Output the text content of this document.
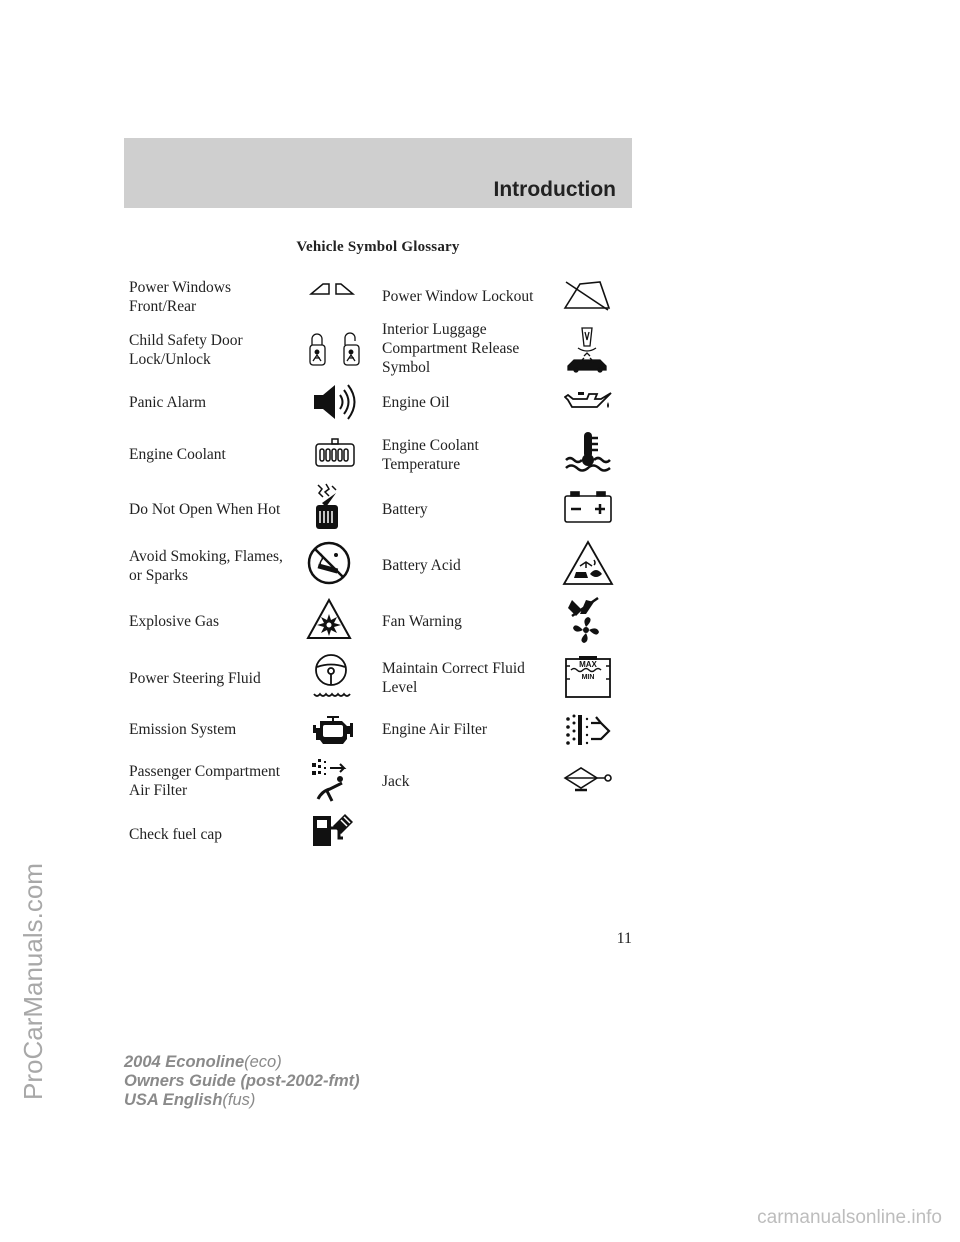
Introduction
Vehicle Symbol Glossary
Power Windows
Front/Rear
Child Safety Door
Lock/Unlock
Panic Alarm
Engine Coolant
Do Not Open When Hot
Avoid Smoking, Flames,
or Sparks
Explosive Gas
Power Steering Fluid
Emission System
Passenger Compartment
Air Filter
Check fuel cap
Power Window Lockout
Interior Luggage
Compartment Release
Symbol
Engine Oil
Engine Coolant
Temperature
Battery
Battery Acid
Fan Warning
Maintain Correct Fluid
Level
Engine Air Filter
Jack
MAX
MIN
11
2004 Econoline(eco)
Owners Guide (post-2002-fmt)
USA English(fus)
ProCarManuals.com
carmanualsonline.info
